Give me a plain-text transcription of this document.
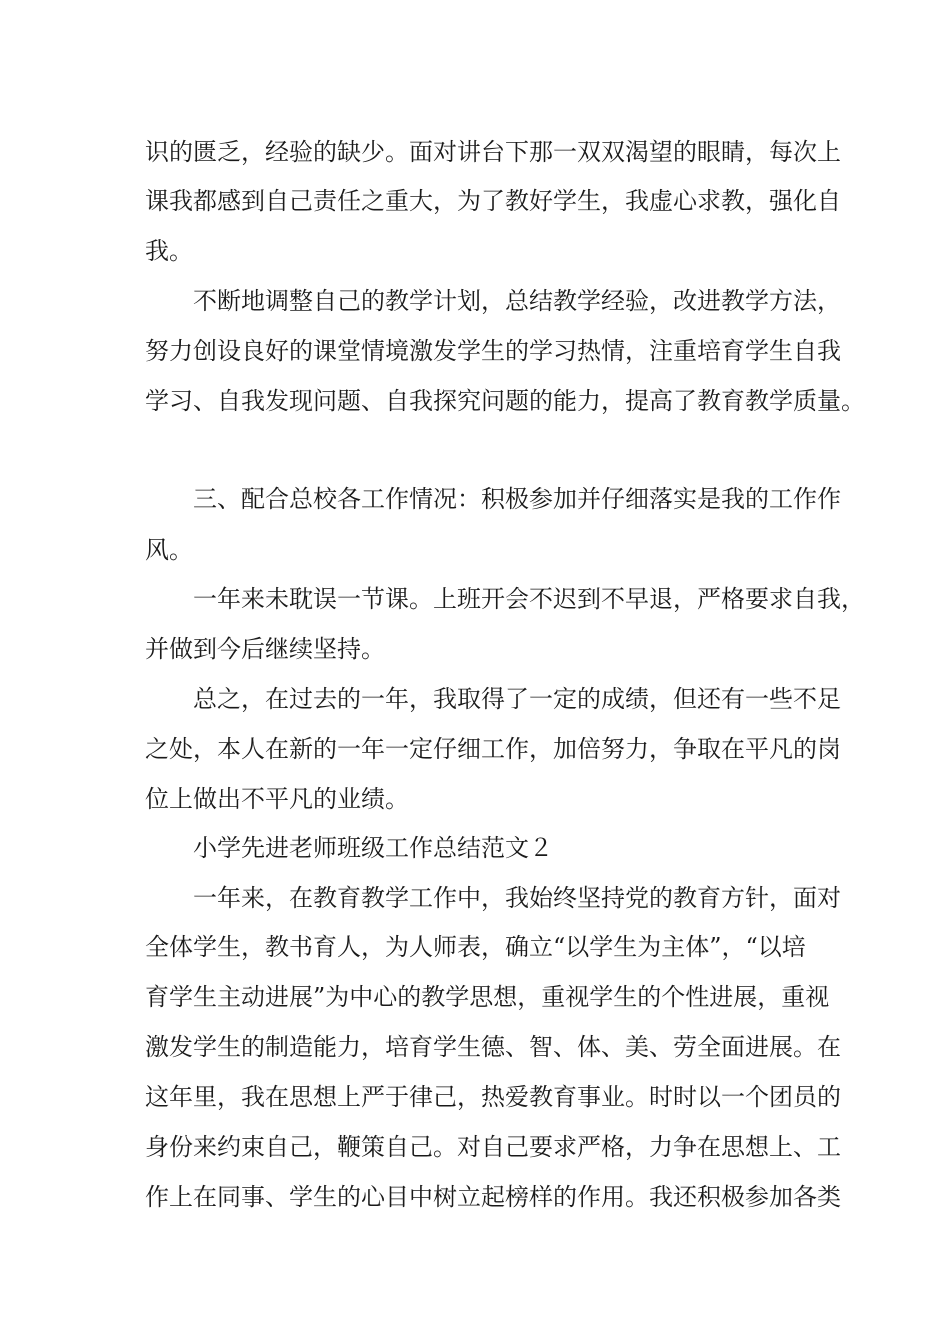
识的匮乏，经验的缺少。面对讲台下那一双双渴望的眼睛，每次上

课我都感到自己责任之重大，为了教好学生，我虚心求教，强化自

我。

不断地调整自己的教学计划，总结教学经验，改进教学方法，

努力创设良好的课堂情境激发学生的学习热情，注重培育学生自我

学习、自我发现问题、自我探究问题的能力，提高了教育教学质量。

三、配合总校各工作情况：积极参加并仔细落实是我的工作作

风。

一年来未耽误一节课。上班开会不迟到不早退，严格要求自我，

并做到今后继续坚持。

总之，在过去的一年，我取得了一定的成绩，但还有一些不足

之处，本人在新的一年一定仔细工作，加倍努力，争取在平凡的岗

位上做出不平凡的业绩。

小学先进老师班级工作总结范文２

一年来，在教育教学工作中，我始终坚持党的教育方针，面对

全体学生，教书育人，为人师表，确立“以学生为主体”，“以培

育学生主动进展”为中心的教学思想，重视学生的个性进展，重视

激发学生的制造能力，培育学生德、智、体、美、劳全面进展。在

这年里，我在思想上严于律己，热爱教育事业。时时以一个团员的

身份来约束自己，鞭策自己。对自己要求严格，力争在思想上、工

作上在同事、学生的心目中树立起榜样的作用。我还积极参加各类
